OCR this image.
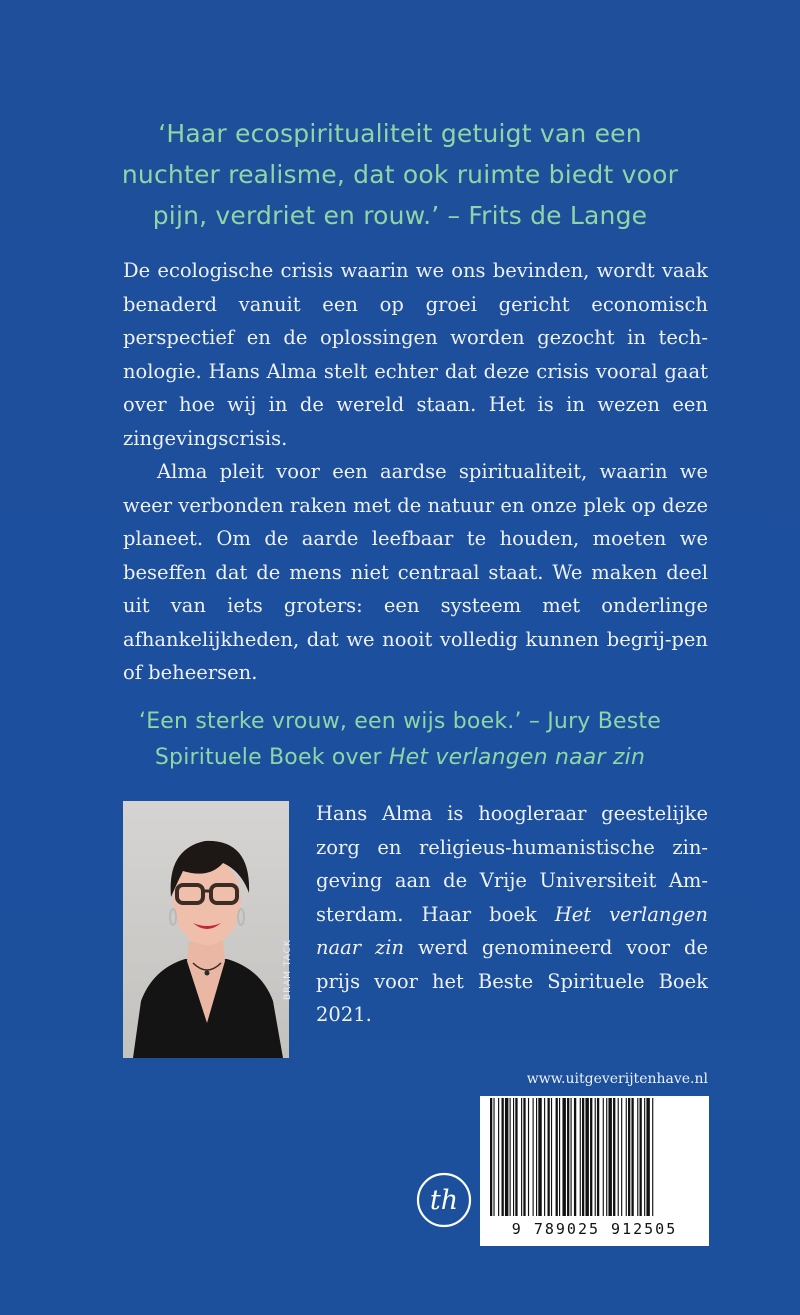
‘Haar ecospiritualiteit getuigt van een
nuchter realisme, dat ook ruimte biedt voor
pijn, verdriet en rouw.’ – Frits de Lange

De ecologische crisis waarin we ons bevinden, wordt vaak benaderd vanuit een op groei gericht economisch perspectief en de oplossingen worden gezocht in tech-nologie. Hans Alma stelt echter dat deze crisis vooral gaat over hoe wij in de wereld staan. Het is in wezen een zingevingscrisis.

Alma pleit voor een aardse spiritualiteit, waarin we weer verbonden raken met de natuur en onze plek op deze planeet. Om de aarde leefbaar te houden, moeten we beseffen dat de mens niet centraal staat. We maken deel uit van iets groters: een systeem met onderlinge afhankelijkheden, dat we nooit volledig kunnen begrij-pen of beheersen.

‘Een sterke vrouw, een wijs boek.’ – Jury Beste
Spirituele Boek over Het verlangen naar zin
BRAM TACK
Hans Alma is hoogleraar geestelijke zorg en religieus-humanistische zin-geving aan de Vrije Universiteit Am-sterdam. Haar boek Het verlangen naar zin werd genomineerd voor de prijs voor het Beste Spirituele Boek 2021.
www.uitgeverijtenhave.nl
th
9 789025 912505
